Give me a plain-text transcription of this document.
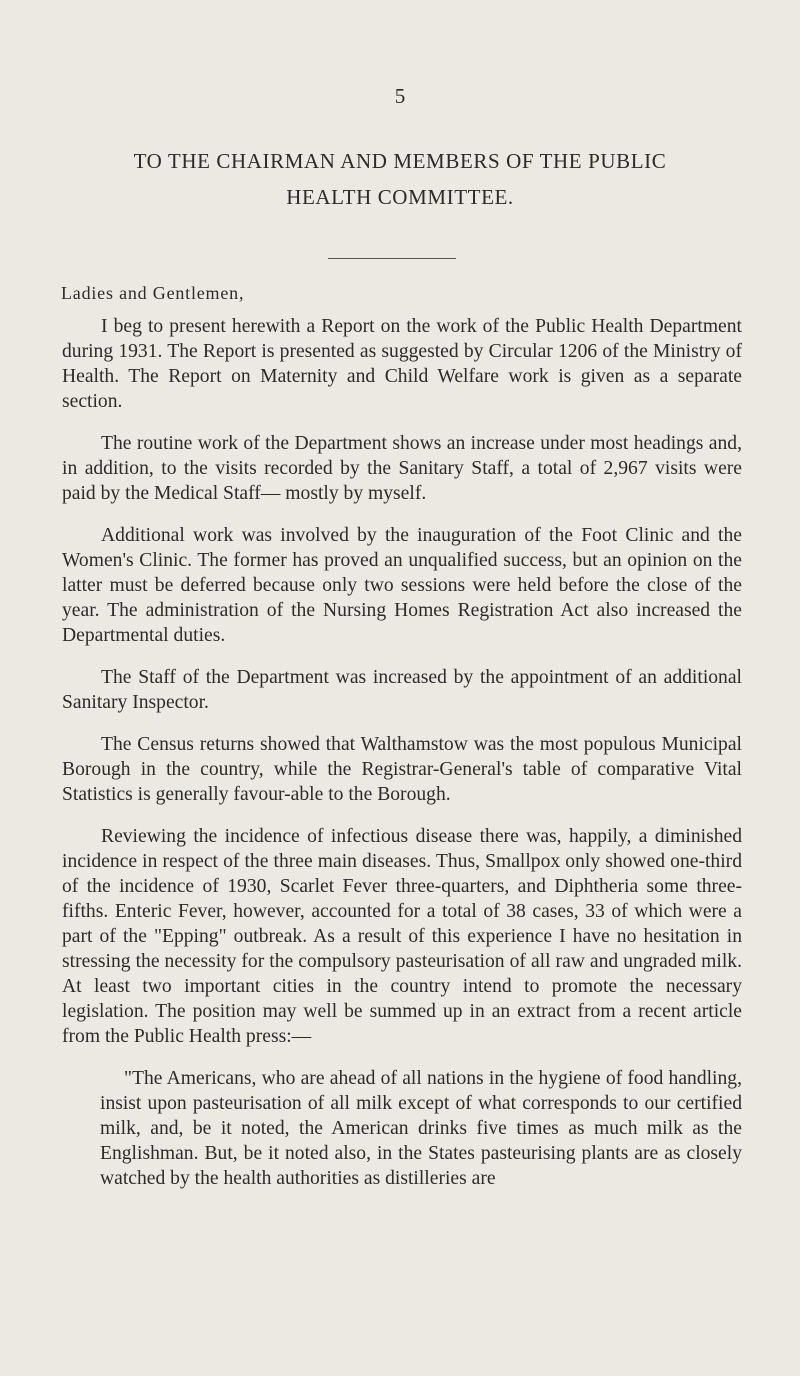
5
TO THE CHAIRMAN AND MEMBERS OF THE PUBLIC
HEALTH COMMITTEE.
Ladies and Gentlemen,

I beg to present herewith a Report on the work of the Public Health Department during 1931. The Report is presented as suggested by Circular 1206 of the Ministry of Health. The Report on Maternity and Child Welfare work is given as a separate section.

The routine work of the Department shows an increase under most headings and, in addition, to the visits recorded by the Sanitary Staff, a total of 2,967 visits were paid by the Medical Staff— mostly by myself.

Additional work was involved by the inauguration of the Foot Clinic and the Women's Clinic. The former has proved an unqualified success, but an opinion on the latter must be deferred because only two sessions were held before the close of the year. The administration of the Nursing Homes Registration Act also increased the Departmental duties.

The Staff of the Department was increased by the appointment of an additional Sanitary Inspector.

The Census returns showed that Walthamstow was the most populous Municipal Borough in the country, while the Registrar-General's table of comparative Vital Statistics is generally favour-able to the Borough.

Reviewing the incidence of infectious disease there was, happily, a diminished incidence in respect of the three main diseases. Thus, Smallpox only showed one-third of the incidence of 1930, Scarlet Fever three-quarters, and Diphtheria some three-fifths. Enteric Fever, however, accounted for a total of 38 cases, 33 of which were a part of the "Epping" outbreak. As a result of this experience I have no hesitation in stressing the necessity for the compulsory pasteurisation of all raw and ungraded milk. At least two important cities in the country intend to promote the necessary legislation. The position may well be summed up in an extract from a recent article from the Public Health press:—

"The Americans, who are ahead of all nations in the hygiene of food handling, insist upon pasteurisation of all milk except of what corresponds to our certified milk, and, be it noted, the American drinks five times as much milk as the Englishman. But, be it noted also, in the States pasteurising plants are as closely watched by the health authorities as distilleries are
